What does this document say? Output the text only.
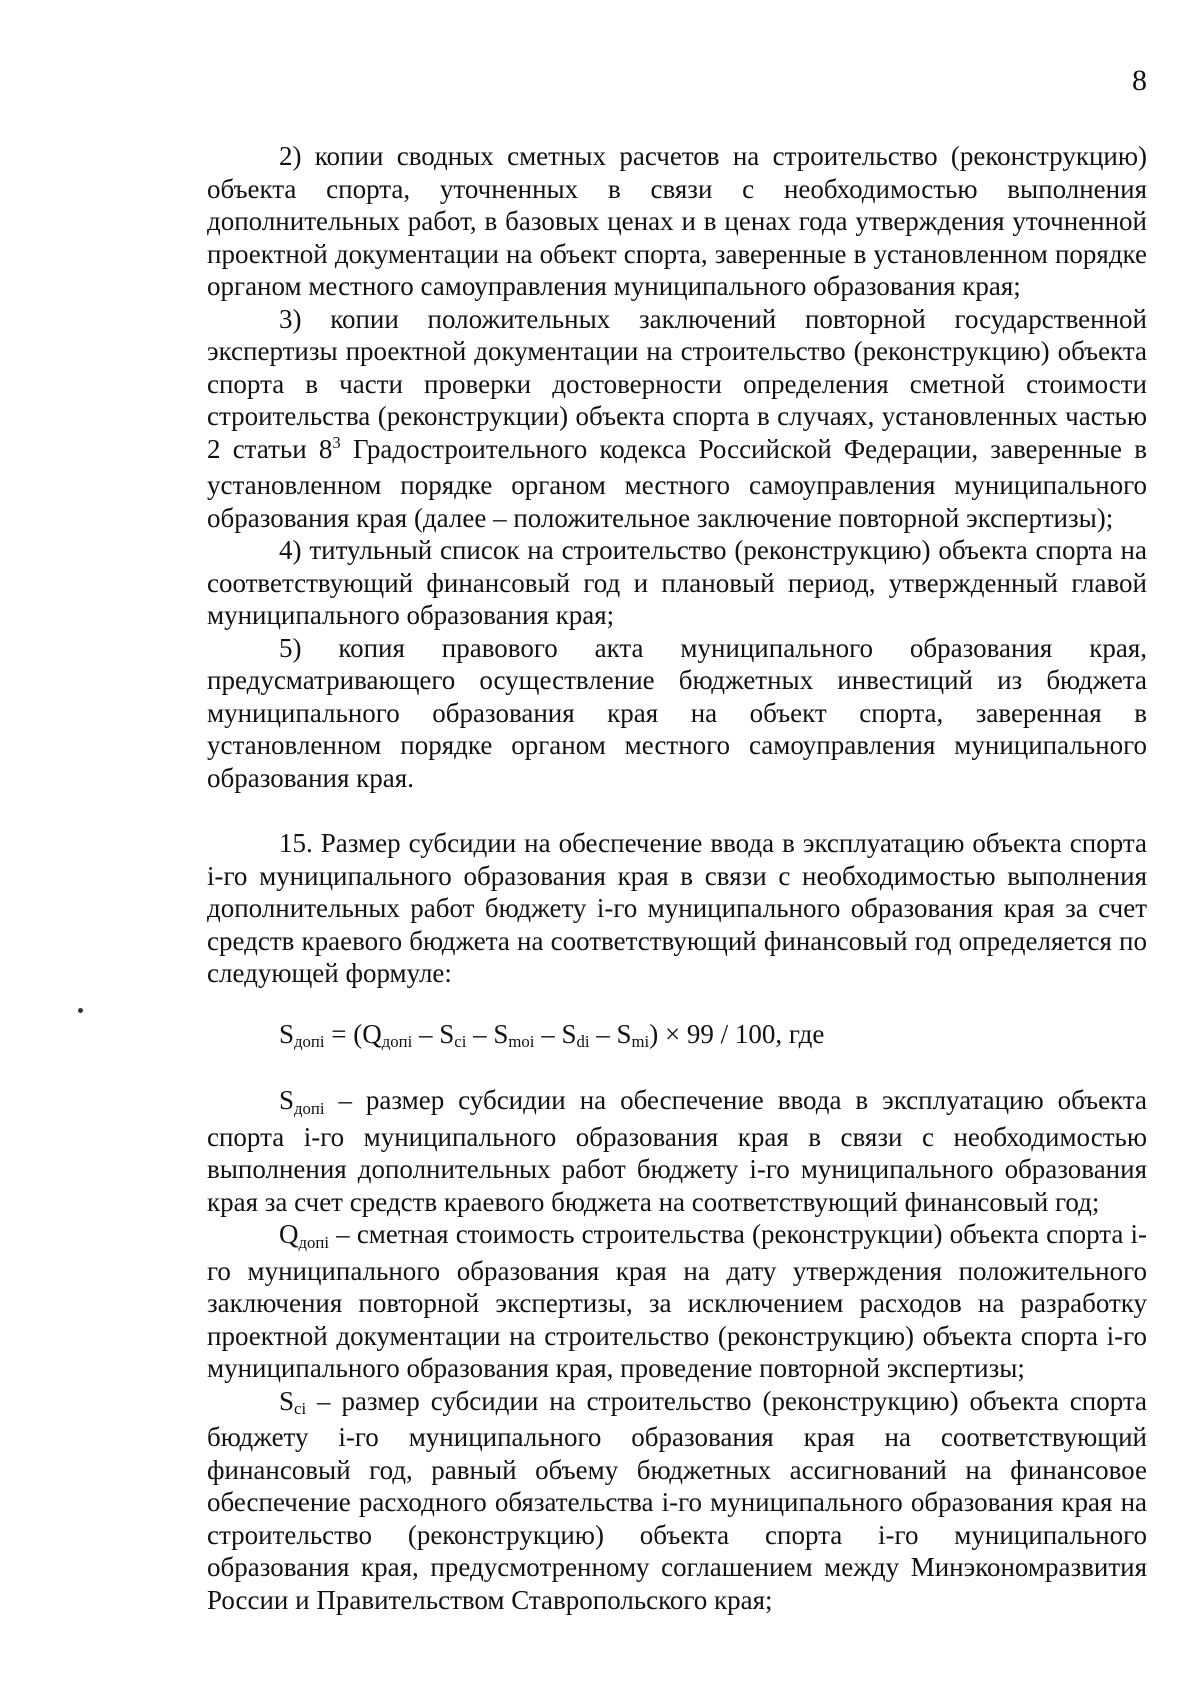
8

2) копии сводных сметных расчетов на строительство (реконструкцию) объекта спорта, уточненных в связи с необходимостью выполнения дополнительных работ, в базовых ценах и в ценах года утверждения уточненной проектной документации на объект спорта, заверенные в установленном порядке органом местного самоуправления муниципального образования края;

3) копии положительных заключений повторной государственной экспертизы проектной документации на строительство (реконструкцию) объекта спорта в части проверки достоверности определения сметной стоимости строительства (реконструкции) объекта спорта в случаях, установленных частью 2 статьи $8^3$ Градостроительного кодекса Российской Федерации, заверенные в установленном порядке органом местного самоуправления муниципального образования края (далее – положительное заключение повторной экспертизы);

4) титульный список на строительство (реконструкцию) объекта спорта на соответствующий финансовый год и плановый период, утвержденный главой муниципального образования края;

5) копия правового акта муниципального образования края, предусматривающего осуществление бюджетных инвестиций из бюджета муниципального образования края на объект спорта, заверенная в установленном порядке органом местного самоуправления муниципального образования края.

15. Размер субсидии на обеспечение ввода в эксплуатацию объекта спорта i-го муниципального образования края в связи с необходимостью выполнения дополнительных работ бюджету i-го муниципального образования края за счет средств краевого бюджета на соответствующий финансовый год определяется по следующей формуле:

Sдопi = (Qдопi – Sci – Smoi – Sdi – Smi) × 99 / 100, где

Sдопi – размер субсидии на обеспечение ввода в эксплуатацию объекта спорта i-го муниципального образования края в связи с необходимостью выполнения дополнительных работ бюджету i-го муниципального образования края за счет средств краевого бюджета на соответствующий финансовый год;

Qдопi – сметная стоимость строительства (реконструкции) объекта спорта i-го муниципального образования края на дату утверждения положительного заключения повторной экспертизы, за исключением расходов на разработку проектной документации на строительство (реконструкцию) объекта спорта i-го муниципального образования края, проведение повторной экспертизы;

Sci – размер субсидии на строительство (реконструкцию) объекта спорта бюджету i-го муниципального образования края на соответствующий финансовый год, равный объему бюджетных ассигнований на финансовое обеспечение расходного обязательства i-го муниципального образования края на строительство (реконструкцию) объекта спорта i-го муниципального образования края, предусмотренному соглашением между Минэкономразвития России и Правительством Ставропольского края;
